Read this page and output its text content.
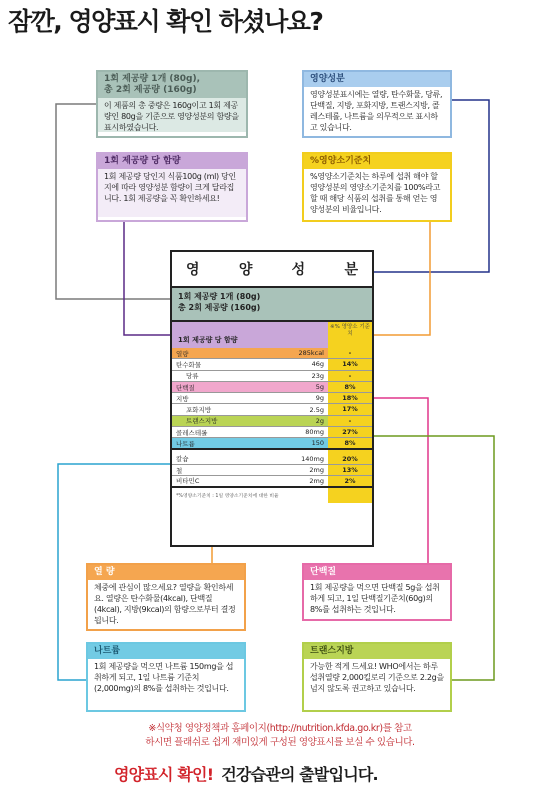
잠깐, 영양표시 확인 하셨나요?
1회 제공량 1개 (80g),
총 2회 제공량 (160g)
이 제품의 총 중량은 160g이고 1회 제공량인 80g을 기준으로 영양성분의 함량을 표시하였습니다.
영양성분
영양성분표시에는 열량, 탄수화물, 당류, 단백질, 지방, 포화지방, 트랜스지방, 콜레스테롤, 나트륨을 의무적으로 표시하고 있습니다.
1회 제공량 당 함량
1회 제공량 당인지 식품100g (ml) 당인지에 따라 영양성분 함량이 크게 달라집니다. 1회 제공량을 꼭 확인하세요!
%영양소기준치
%영양소기준치는 하루에 섭취 해야 할 영양성분의 영양소기준치를 100%라고 할 때 해당 식품의 섭취를 통해 얻는 영양성분의 비율입니다.
영	양	성	분
1회 제공량 1개 (80g)
총 2회 제공량 (160g)
1회 제공량 당 함량
※% 영양소 기준치
열량	285kcal	-
탄수화물	46g	14%
당류	23g	-
단백질	5g	8%
지방	9g	18%
포화지방	2.5g	17%
트랜스지방	2g	-
콜레스테롤	80mg	27%
나트륨	150	8%
칼슘	140mg	20%
철	2mg	13%
비타민C	2mg	2%
*%영양소기준치 : 1일 영양소기준치에 대한 비율
열 량
체중에 관심이 많으세요? 열량을 확인하세요. 열량은 탄수화물(4kcal), 단백질(4kcal), 지방(9kcal)의 함량으로부터 결정됩니다.
단백질
1회 제공량을 먹으면 단백질 5g을 섭취하게 되고, 1일 단백질기준치(60g)의 8%를 섭취하는 것입니다.
나트륨
1회 제공량을 먹으면 나트륨 150mg을 섭취하게 되고, 1일 나트륨 기준치(2,000mg)의 8%를 섭취하는 것입니다.
트랜스지방
가능한 적게 드세요! WHO에서는 하루 섭취열량 2,000킬로리 기준으로 2.2g을 넘지 않도록 권고하고 있습니다.
※식약청 영양정책과 홈페이지(http://nutrition.kfda.go.kr)를 참고
하시면 플래쉬로 쉽게 재미있게 구성된 영양표시를 보실 수 있습니다.
영양표시 확인! 건강습관의 출발입니다.
